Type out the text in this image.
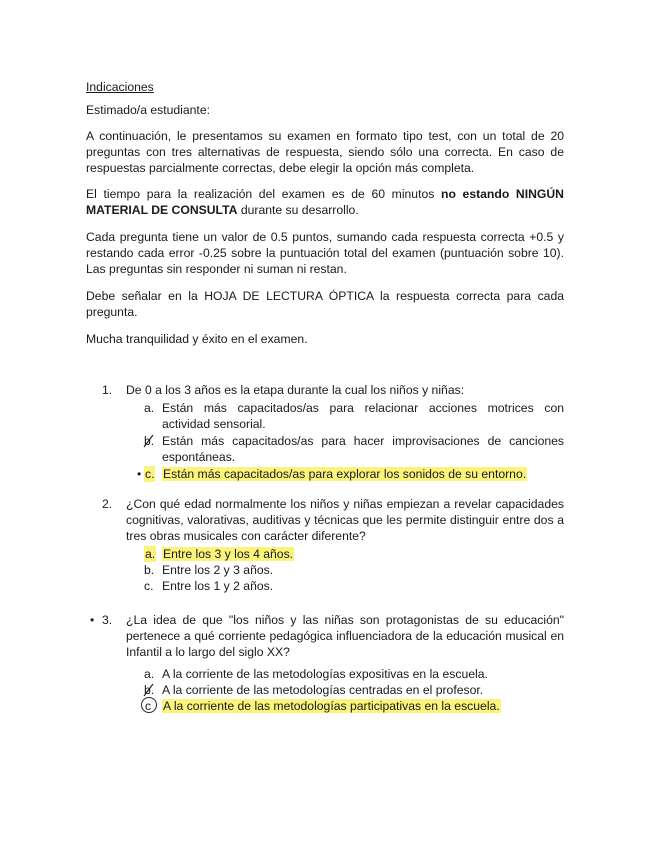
Indicaciones
Estimado/a estudiante:
A continuación, le presentamos su examen en formato tipo test, con un total de 20 preguntas con tres alternativas de respuesta, siendo sólo una correcta. En caso de respuestas parcialmente correctas, debe elegir la opción más completa.
El tiempo para la realización del examen es de 60 minutos no estando NINGÚN MATERIAL DE CONSULTA durante su desarrollo.
Cada pregunta tiene un valor de 0.5 puntos, sumando cada respuesta correcta +0.5 y restando cada error -0.25 sobre la puntuación total del examen (puntuación sobre 10). Las preguntas sin responder ni suman ni restan.
Debe señalar en la HOJA DE LECTURA ÓPTICA la respuesta correcta para cada pregunta.
Mucha tranquilidad y éxito en el examen.
1.	De 0 a los 3 años es la etapa durante la cual los niños y niñas:
a. Están más capacitados/as para relacionar acciones motrices con actividad sensorial.
b. Están más capacitados/as para hacer improvisaciones de canciones espontáneas.
• c. Están más capacitados/as para explorar los sonidos de su entorno.
2.	¿Con qué edad normalmente los niños y niñas empiezan a revelar capacidades cognitivas, valorativas, auditivas y técnicas que les permite distinguir entre dos a tres obras musicales con carácter diferente?
a. Entre los 3 y los 4 años.
b. Entre los 2 y 3 años.
c. Entre los 1 y 2 años.
• 3.	¿La idea de que "los niños y las niñas son protagonistas de su educación" pertenece a qué corriente pedagógica influenciadora de la educación musical en Infantil a lo largo del siglo XX?
a. A la corriente de las metodologías expositivas en la escuela.
b. A la corriente de las metodologías centradas en el profesor.
c A la corriente de las metodologías participativas en la escuela.
